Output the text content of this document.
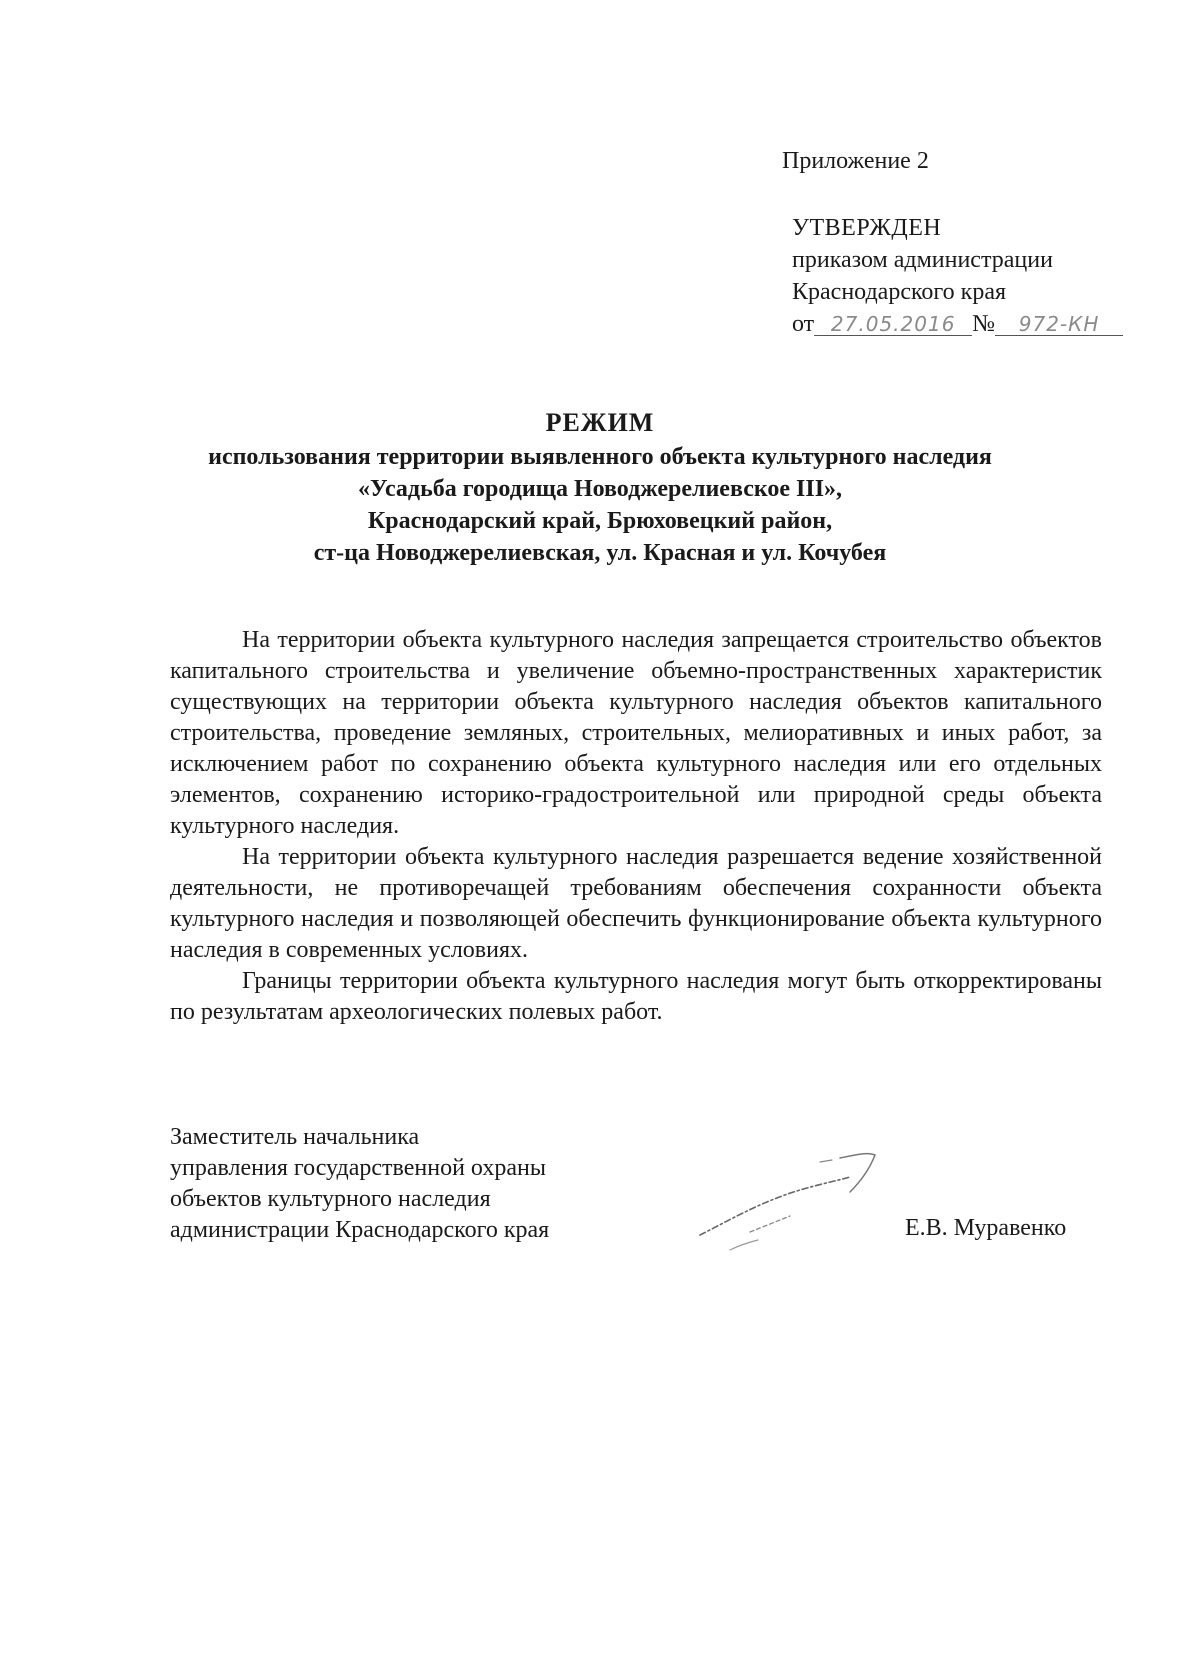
Приложение 2
УТВЕРЖДЕН
приказом администрации
Краснодарского края
от 27.05.2016 № 972-КН
РЕЖИМ
использования территории выявленного объекта культурного наследия
«Усадьба городища Новоджерелиевское III»,
Краснодарский край, Брюховецкий район,
ст-ца Новоджерелиевская, ул. Красная и ул. Кочубея

На территории объекта культурного наследия запрещается строительство объектов капитального строительства и увеличение объемно-пространственных характеристик существующих на территории объекта культурного наследия объектов капитального строительства, проведение земляных, строительных, мелиоративных и иных работ, за исключением работ по сохранению объекта культурного наследия или его отдельных элементов, сохранению историко-градостроительной или природной среды объекта культурного наследия.

На территории объекта культурного наследия разрешается ведение хозяйственной деятельности, не противоречащей требованиям обеспечения сохранности объекта культурного наследия и позволяющей обеспечить функционирование объекта культурного наследия в современных условиях.

Границы территории объекта культурного наследия могут быть откорректированы по результатам археологических полевых работ.

Заместитель начальника
управления государственной охраны
объектов культурного наследия
администрации Краснодарского края	Е.В. Муравенко
